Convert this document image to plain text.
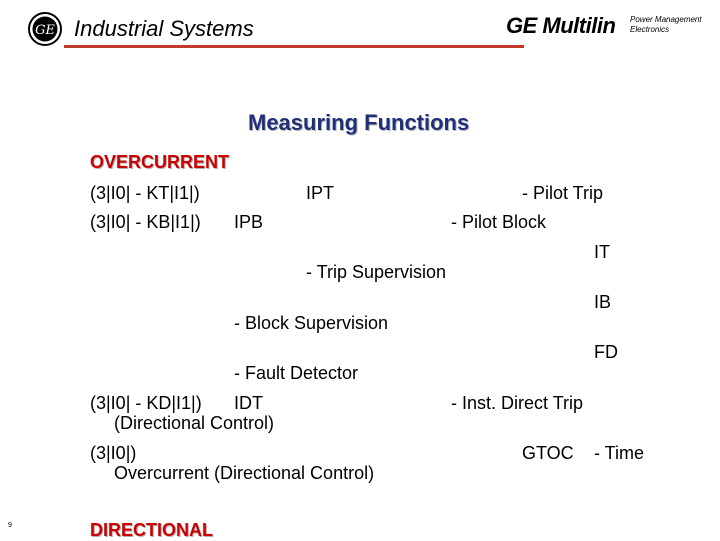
GE Industrial Systems	GE Multilin Power Management Electronics
Measuring Functions
OVERCURRENT
(3|I0| - KT|I1|)	IPT	- Pilot Trip
(3|I0| - KB|I1|) IPB	- Pilot Block
IT
- Trip Supervision
IB
- Block Supervision
FD
- Fault Detector
(3|I0| - KD|I1|) IDT	- Inst. Direct Trip
(Directional Control)
(3|I0|)	GTOC - Time
Overcurrent (Directional Control)
DIRECTIONAL
9
